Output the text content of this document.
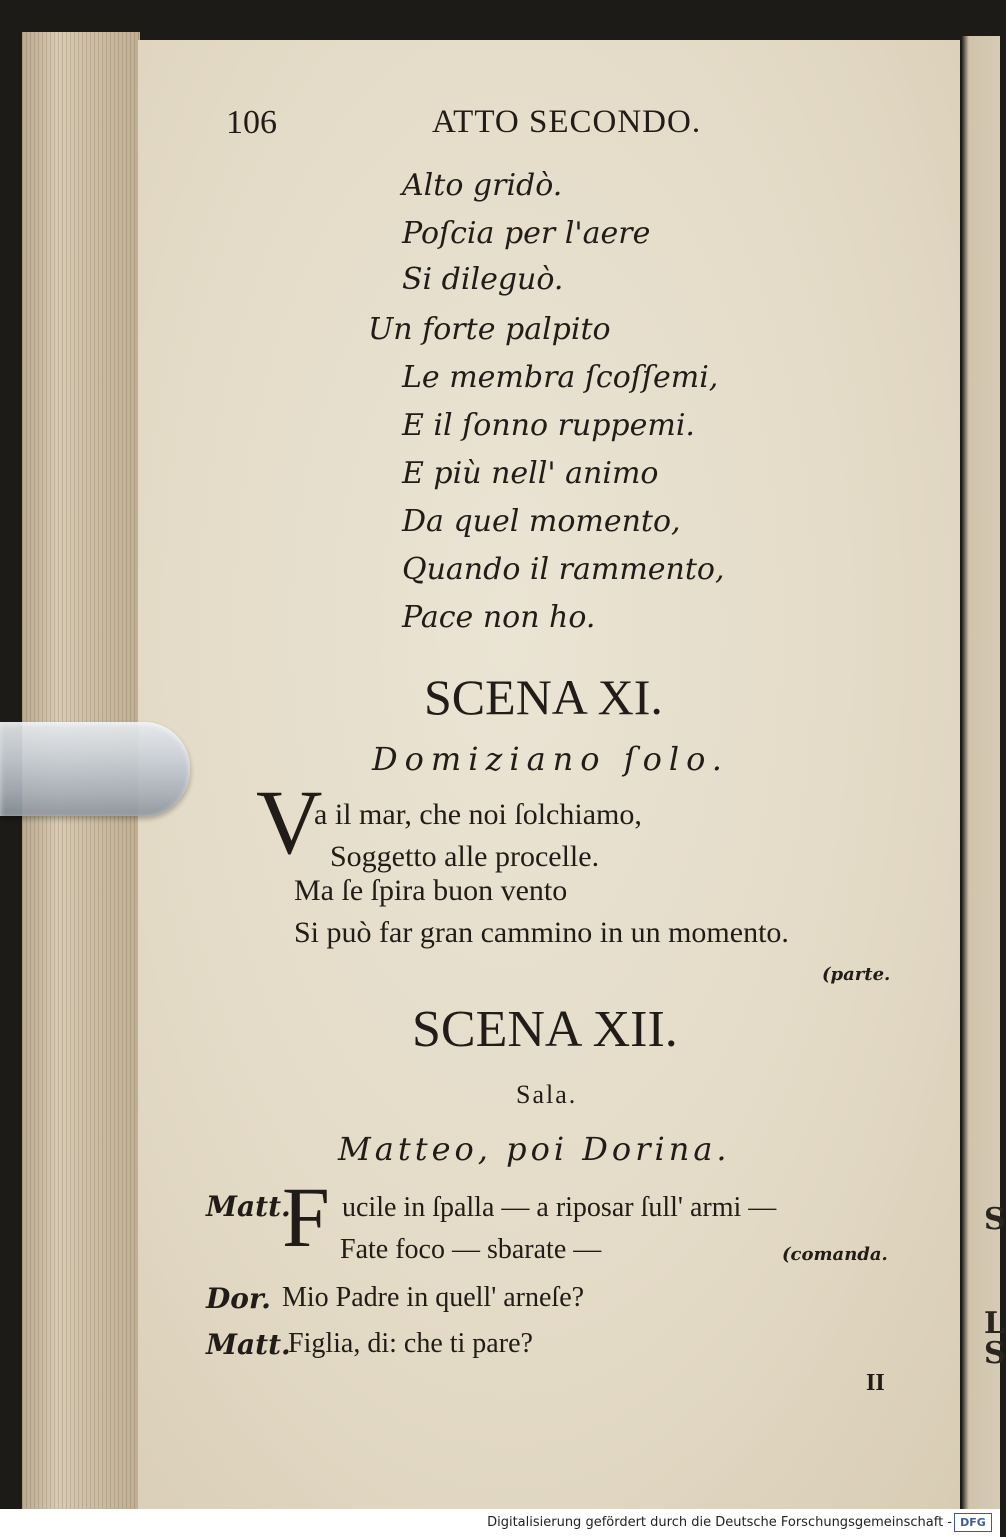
S
L
S
106	ATTO SECONDO.
Alto gridò.
Poſcia per l'aere
Si dileguò.
Un forte palpito
Le membra ſcoſſemi,
E il ſonno ruppemi.
E più nell' animo
Da quel momento,
Quando il rammento,
Pace non ho.
SCENA XI.
Domiziano ſolo.
V
a il mar, che noi ſolchiamo,
Soggetto alle procelle.
Ma ſe ſpira buon vento
Si può far gran cammino in un momento.
(parte.
SCENA XII.
Sala.
Matteo, poi Dorina.
Matt.
F ucile in ſpalla — a riposar ſull' armi —
Fate foco — sbarate —	(comanda.
Dor. Mio Padre in quell' arneſe?
Matt.
Figlia, di: che ti pare?
II
Digitalisierung gefördert durch die Deutsche Forschungsgemeinschaft - DFG
